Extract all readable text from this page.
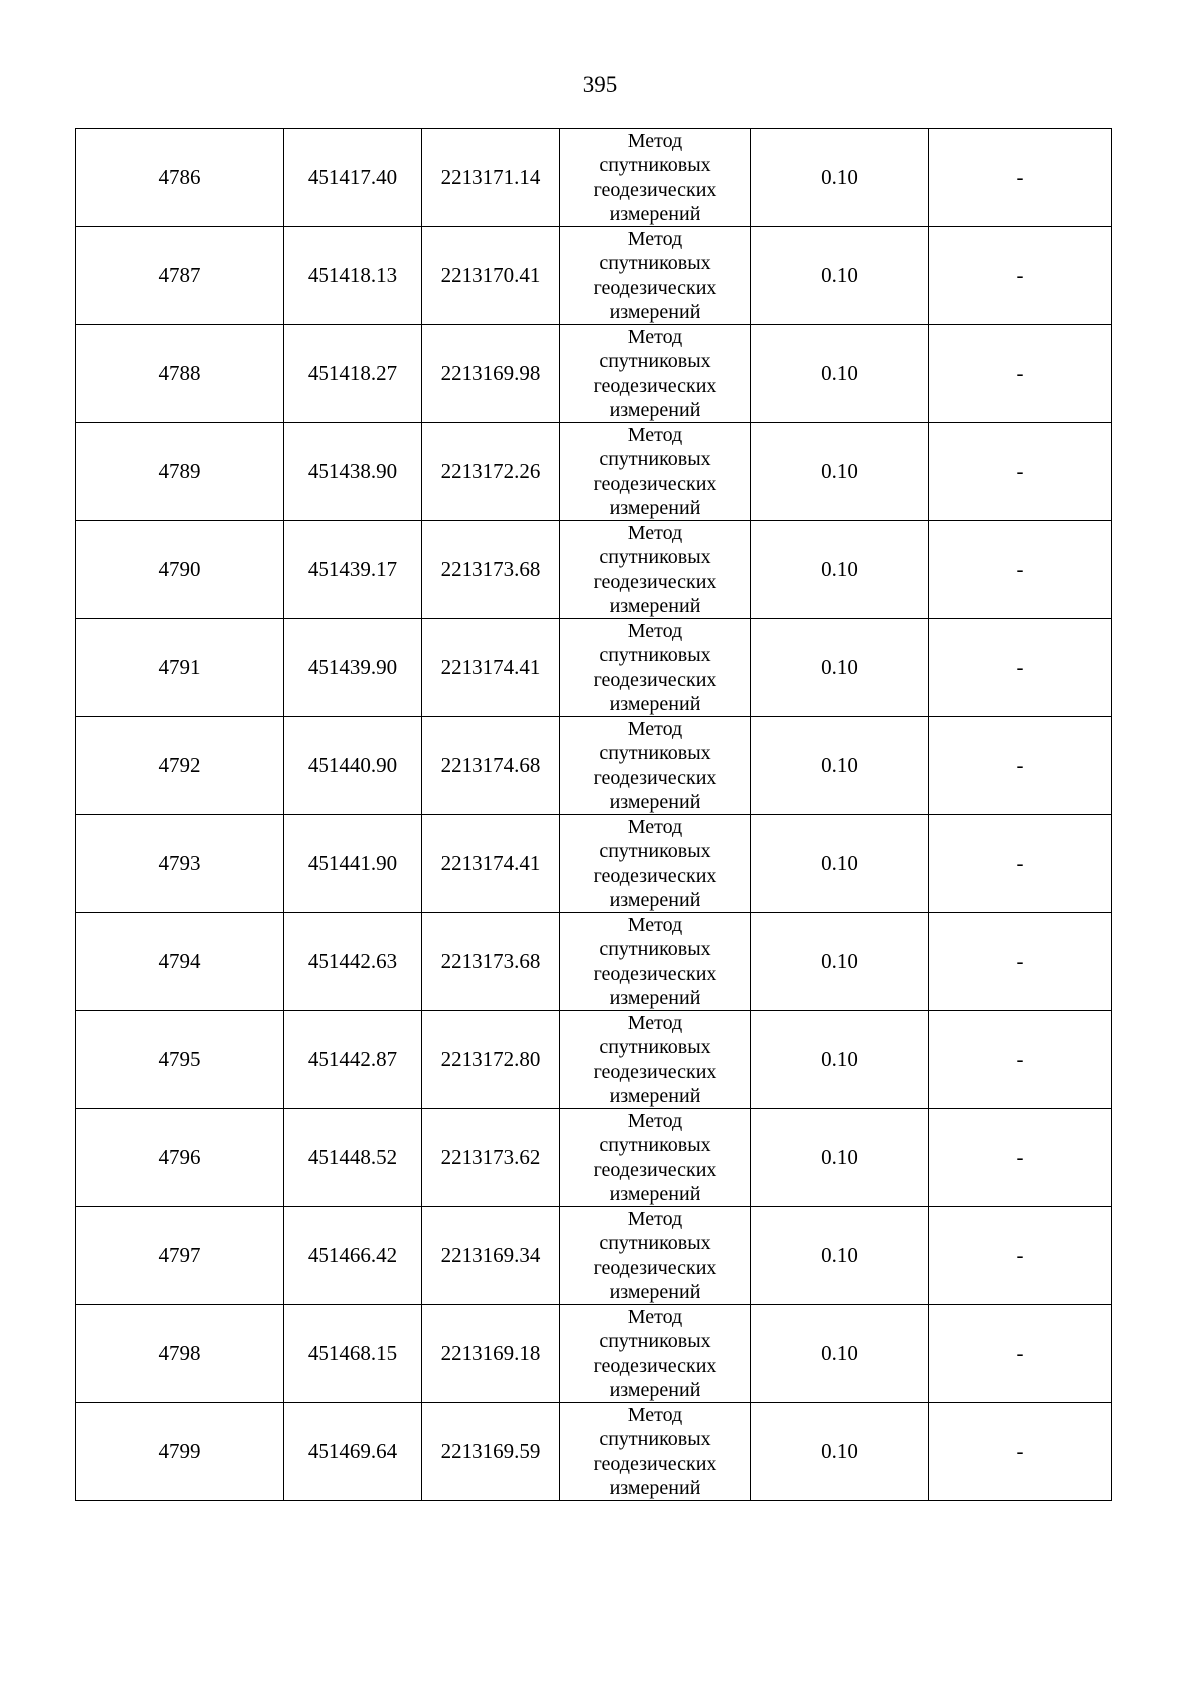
395
4786	451417.40	2213171.14	Метод
спутниковых
геодезических
измерений	0.10	-
4787	451418.13	2213170.41	Метод
спутниковых
геодезических
измерений	0.10	-
4788	451418.27	2213169.98	Метод
спутниковых
геодезических
измерений	0.10	-
4789	451438.90	2213172.26	Метод
спутниковых
геодезических
измерений	0.10	-
4790	451439.17	2213173.68	Метод
спутниковых
геодезических
измерений	0.10	-
4791	451439.90	2213174.41	Метод
спутниковых
геодезических
измерений	0.10	-
4792	451440.90	2213174.68	Метод
спутниковых
геодезических
измерений	0.10	-
4793	451441.90	2213174.41	Метод
спутниковых
геодезических
измерений	0.10	-
4794	451442.63	2213173.68	Метод
спутниковых
геодезических
измерений	0.10	-
4795	451442.87	2213172.80	Метод
спутниковых
геодезических
измерений	0.10	-
4796	451448.52	2213173.62	Метод
спутниковых
геодезических
измерений	0.10	-
4797	451466.42	2213169.34	Метод
спутниковых
геодезических
измерений	0.10	-
4798	451468.15	2213169.18	Метод
спутниковых
геодезических
измерений	0.10	-
4799	451469.64	2213169.59	Метод
спутниковых
геодезических
измерений	0.10	-
